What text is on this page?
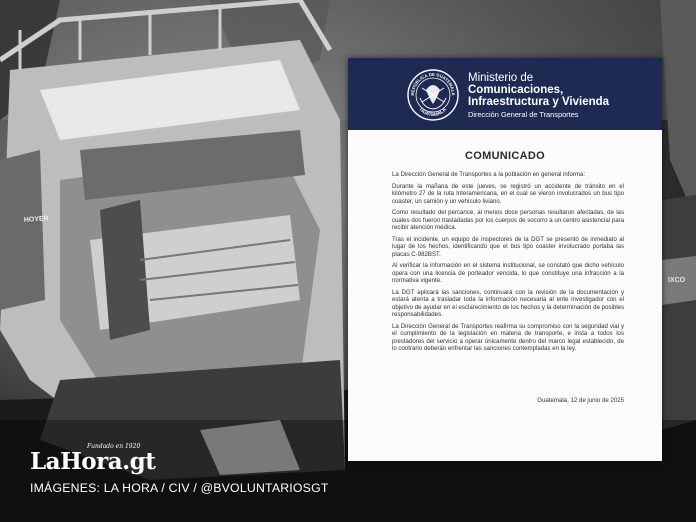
IXCO
HOYER
REPÚBLICA DE GUATEMALA
GUATEMALA
Ministerio de
Comunicaciones,
Infraestructura y Vivienda
Dirección General de Transportes
COMUNICADO

La Dirección General de Transportes a la población en general informa:

Durante la mañana de este jueves, se registró un accidente de tránsito en el kilómetro 27 de la ruta Interamericana, en el cual se vieron involucrados un bus tipo coaster, un camión y un vehículo liviano.

Como resultado del percance, al menos doce personas resultaron afectadas, de las cuales dos fueron trasladadas por los cuerpos de socorro a un centro asistencial para recibir atención médica.

Tras el incidente, un equipo de inspectores de la DGT se presentó de inmediato al lugar de los hechos, identificando que el bus tipo coaster involucrado portaba las placas C-982BST.

Al verificar la información en el sistema institucional, se constató que dicho vehículo opera con una licencia de porteador vencida, lo que constituye una infracción a la normativa vigente.

La DGT aplicará las sanciones, continuará con la revisión de la documentación y estará atenta a trasladar toda la información necesaria al ente investigador con el objetivo de ayudar en el esclarecimiento de los hechos y la determinación de posibles responsabilidades.

La Dirección General de Transportes reafirma su compromiso con la seguridad vial y el cumplimiento de la legislación en materia de transporte, e insta a todos los prestadores del servicio a operar únicamente dentro del marco legal establecido, de lo contrario deberán enfrentar las sanciones contempladas en la ley.

Guatemala, 12 de junio de 2025
Fundado en 1920
LaHora.gt
IMÁGENES: LA HORA / CIV / @BVOLUNTARIOSGT
